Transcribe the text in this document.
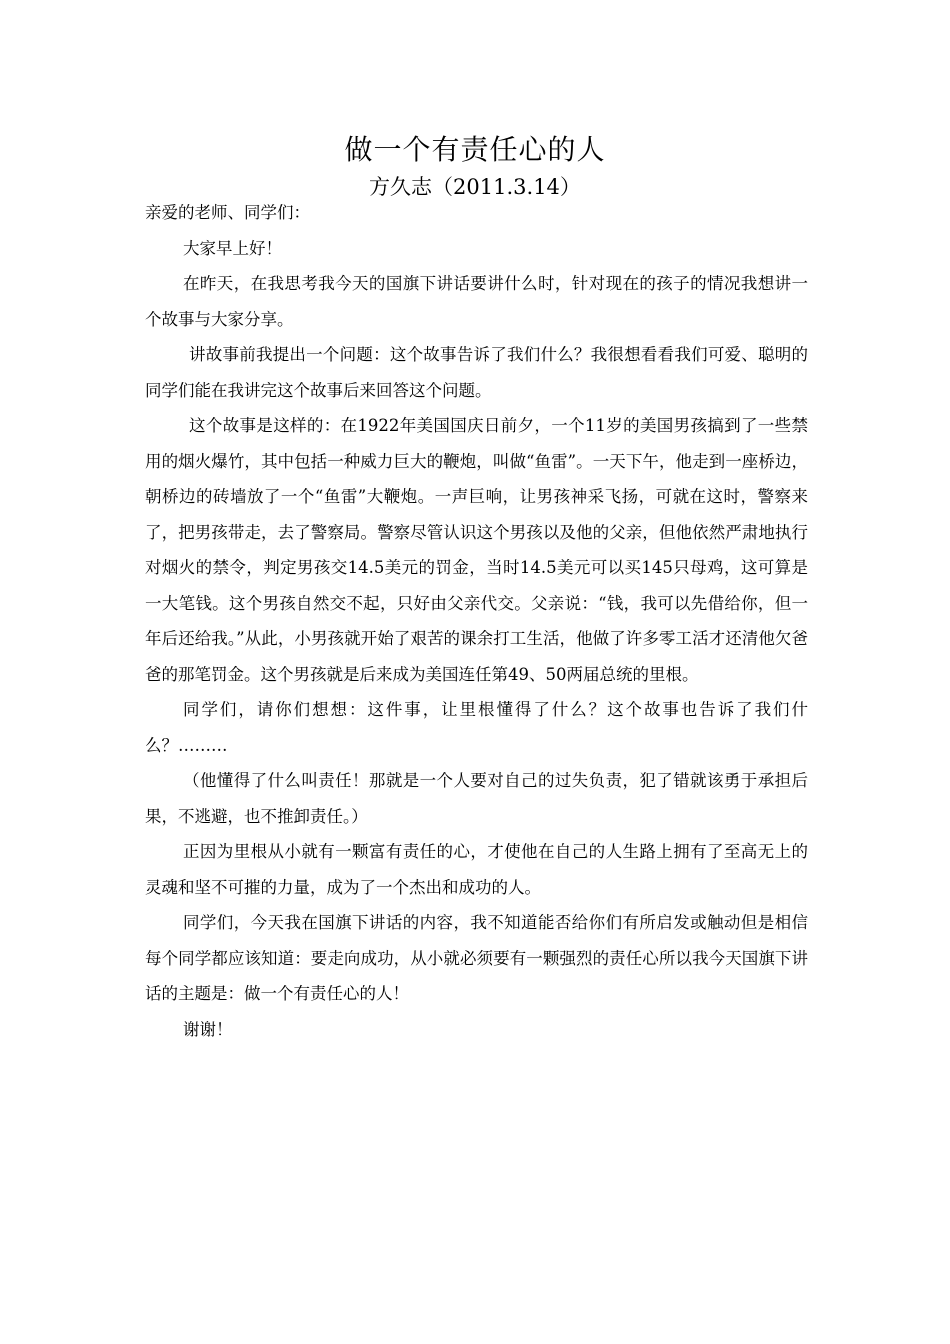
做一个有责任心的人
方久志（2011.3.14）

亲爱的老师、同学们：

大家早上好！

在昨天，在我思考我今天的国旗下讲话要讲什么时，针对现在的孩子的情况我想讲一个故事与大家分享。

讲故事前我提出一个问题：这个故事告诉了我们什么？我很想看看我们可爱、聪明的同学们能在我讲完这个故事后来回答这个问题。

这个故事是这样的：在1922年美国国庆日前夕，一个11岁的美国男孩搞到了一些禁用的烟火爆竹，其中包括一种威力巨大的鞭炮，叫做“鱼雷”。一天下午，他走到一座桥边，朝桥边的砖墙放了一个“鱼雷”大鞭炮。一声巨响，让男孩神采飞扬，可就在这时，警察来了，把男孩带走，去了警察局。警察尽管认识这个男孩以及他的父亲，但他依然严肃地执行对烟火的禁令，判定男孩交14.5美元的罚金，当时14.5美元可以买145只母鸡，这可算是一大笔钱。这个男孩自然交不起，只好由父亲代交。父亲说：“钱，我可以先借给你，但一年后还给我。”从此，小男孩就开始了艰苦的课余打工生活，他做了许多零工活才还清他欠爸爸的那笔罚金。这个男孩就是后来成为美国连任第49、50两届总统的里根。

同学们，请你们想想：这件事，让里根懂得了什么？这个故事也告诉了我们什么？………

（他懂得了什么叫责任！那就是一个人要对自己的过失负责，犯了错就该勇于承担后果，不逃避，也不推卸责任。）

正因为里根从小就有一颗富有责任的心，才使他在自己的人生路上拥有了至高无上的灵魂和坚不可摧的力量，成为了一个杰出和成功的人。

同学们，今天我在国旗下讲话的内容，我不知道能否给你们有所启发或触动但是相信每个同学都应该知道：要走向成功，从小就必须要有一颗强烈的责任心所以我今天国旗下讲话的主题是：做一个有责任心的人！

谢谢！
